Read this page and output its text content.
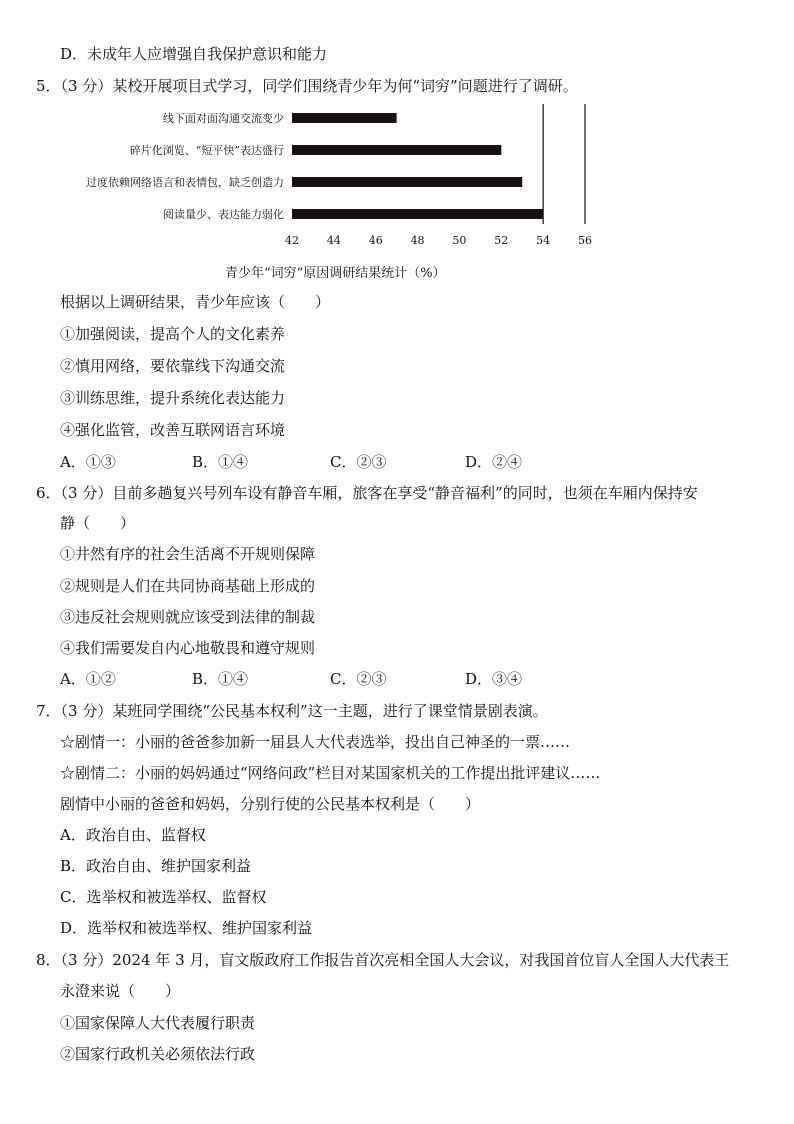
D．未成年人应增强自我保护意识和能力
5．（3 分）某校开展项目式学习，同学们围绕青少年为何“词穷”问题进行了调研。
线下面对面沟通交流变少
碎片化浏览、“短平快”表达盛行
过度依赖网络语言和表情包，缺乏创造力
阅读量少、表达能力弱化
42	44	46	48	50	52	54	56
青少年“词穷”原因调研结果统计（%）
根据以上调研结果，青少年应该（　　）
①加强阅读，提高个人的文化素养
②慎用网络，要依靠线下沟通交流
③训练思维，提升系统化表达能力
④强化监管，改善互联网语言环境
A．①③	B．①④	C．②③	D．②④
6．（3 分）目前多趟复兴号列车设有静音车厢，旅客在享受“静音福利”的同时，也须在车厢内保持安
静（　　）
①井然有序的社会生活离不开规则保障
②规则是人们在共同协商基础上形成的
③违反社会规则就应该受到法律的制裁
④我们需要发自内心地敬畏和遵守规则
A．①②	B．①④	C．②③	D．③④
7．（3 分）某班同学围绕“公民基本权利”这一主题，进行了课堂情景剧表演。
☆剧情一：小丽的爸爸参加新一届县人大代表选举，投出自己神圣的一票……
☆剧情二：小丽的妈妈通过“网络问政”栏目对某国家机关的工作提出批评建议……
剧情中小丽的爸爸和妈妈，分别行使的公民基本权利是（　　）
A．政治自由、监督权
B．政治自由、维护国家利益
C．选举权和被选举权、监督权
D．选举权和被选举权、维护国家利益
8．（3 分）2024 年 3 月，盲文版政府工作报告首次亮相全国人大会议，对我国首位盲人全国人大代表王
永澄来说（　　）
①国家保障人大代表履行职责
②国家行政机关必须依法行政
